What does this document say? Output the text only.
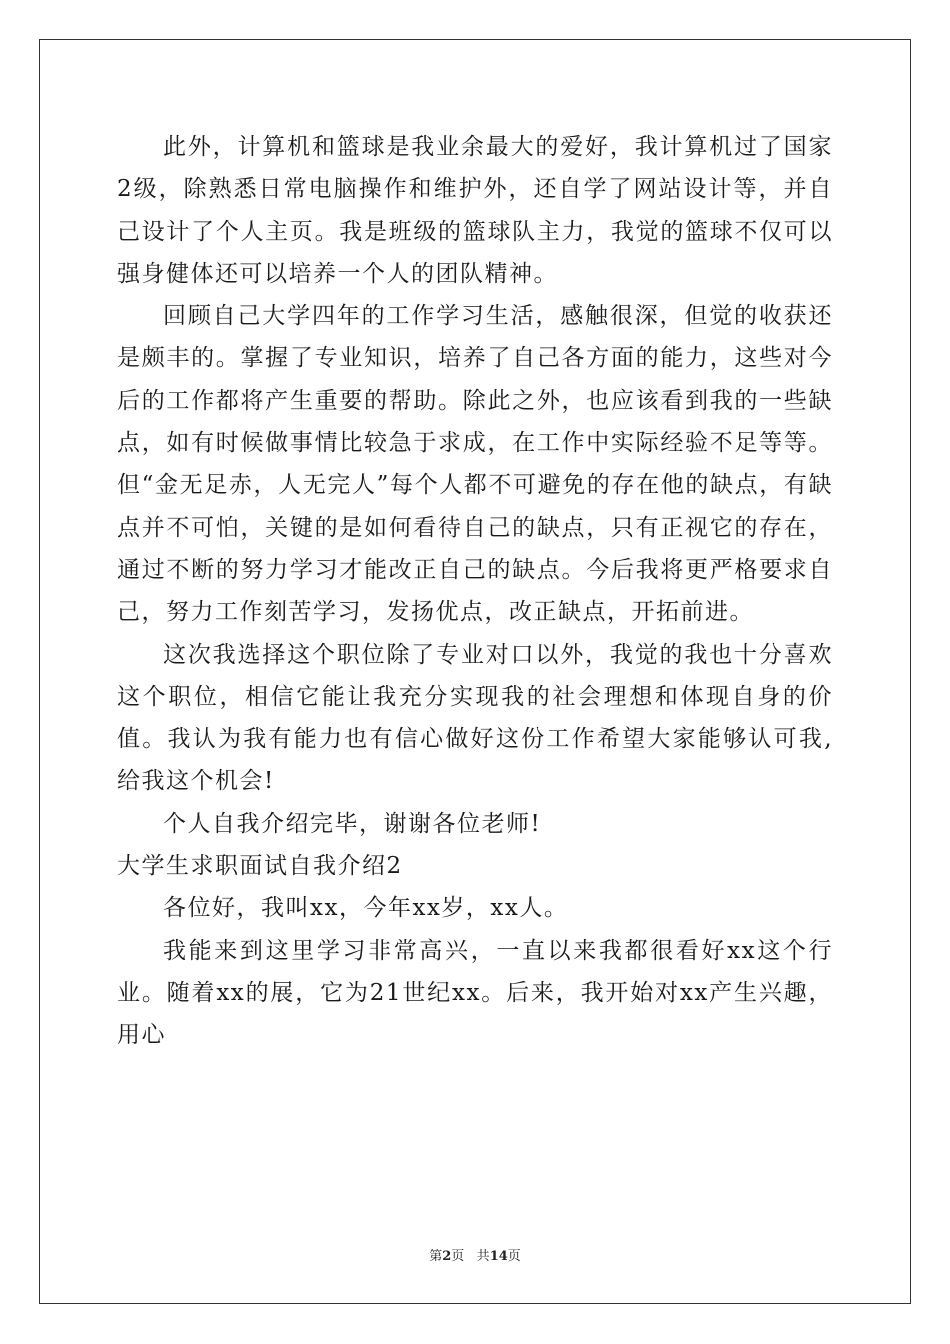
此外，计算机和篮球是我业余最大的爱好，我计算机过了国家2级，除熟悉日常电脑操作和维护外，还自学了网站设计等，并自己设计了个人主页。我是班级的篮球队主力，我觉的篮球不仅可以强身健体还可以培养一个人的团队精神。

回顾自己大学四年的工作学习生活，感触很深，但觉的收获还是颇丰的。掌握了专业知识，培养了自己各方面的能力，这些对今后的工作都将产生重要的帮助。除此之外，也应该看到我的一些缺点，如有时候做事情比较急于求成，在工作中实际经验不足等等。但“金无足赤，人无完人”每个人都不可避免的存在他的缺点，有缺点并不可怕，关键的是如何看待自己的缺点，只有正视它的存在，通过不断的努力学习才能改正自己的缺点。今后我将更严格要求自己，努力工作刻苦学习，发扬优点，改正缺点，开拓前进。

这次我选择这个职位除了专业对口以外，我觉的我也十分喜欢这个职位，相信它能让我充分实现我的社会理想和体现自身的价值。我认为我有能力也有信心做好这份工作希望大家能够认可我,给我这个机会!

个人自我介绍完毕，谢谢各位老师!

大学生求职面试自我介绍2

各位好，我叫xx，今年xx岁，xx人。

我能来到这里学习非常高兴，一直以来我都很看好xx这个行业。随着xx的展，它为21世纪xx。后来，我开始对xx产生兴趣，用心

第2页 共14页
